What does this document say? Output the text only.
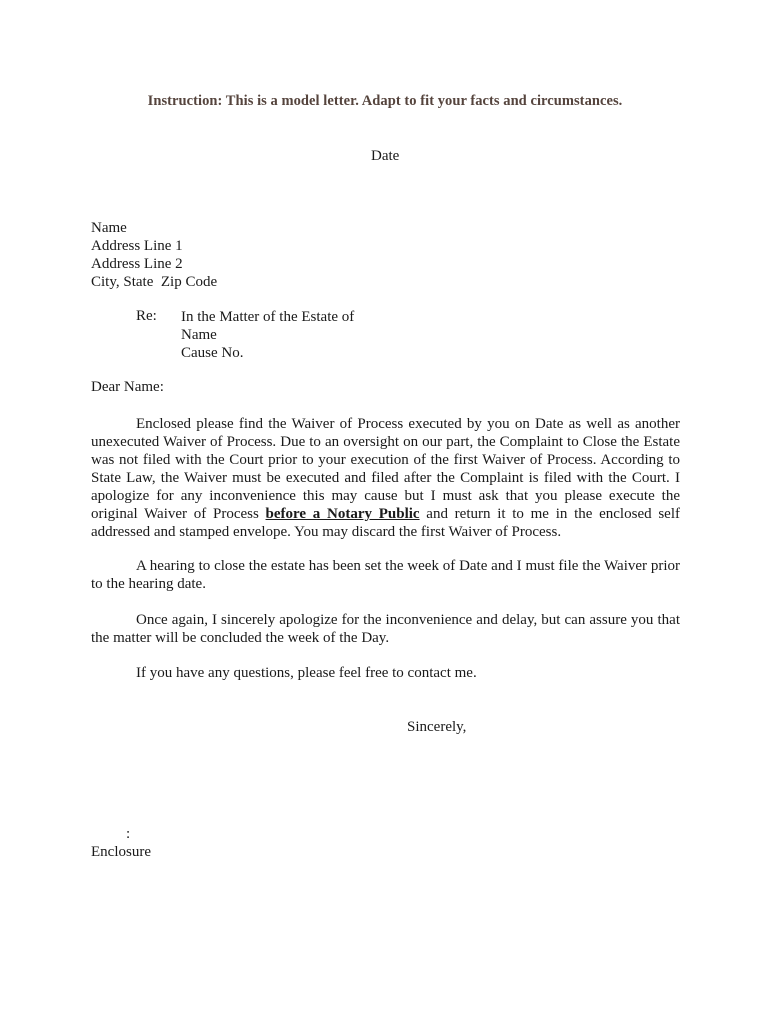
Instruction: This is a model letter. Adapt to fit your facts and circumstances.
Date
Name
Address Line 1
Address Line 2
City, State  Zip Code
Re: In the Matter of the Estate of
Name
Cause No.
Dear Name:
Enclosed please find the Waiver of Process executed by you on Date as well as another unexecuted Waiver of Process. Due to an oversight on our part, the Complaint to Close the Estate was not filed with the Court prior to your execution of the first Waiver of Process. According to State Law, the Waiver must be executed and filed after the Complaint is filed with the Court. I apologize for any inconvenience this may cause but I must ask that you please execute the original Waiver of Process before a Notary Public and return it to me in the enclosed self addressed and stamped envelope. You may discard the first Waiver of Process.
A hearing to close the estate has been set the week of Date and I must file the Waiver prior to the hearing date.
Once again, I sincerely apologize for the inconvenience and delay, but can assure you that the matter will be concluded the week of the Day.
If you have any questions, please feel free to contact me.
Sincerely,
:
Enclosure
